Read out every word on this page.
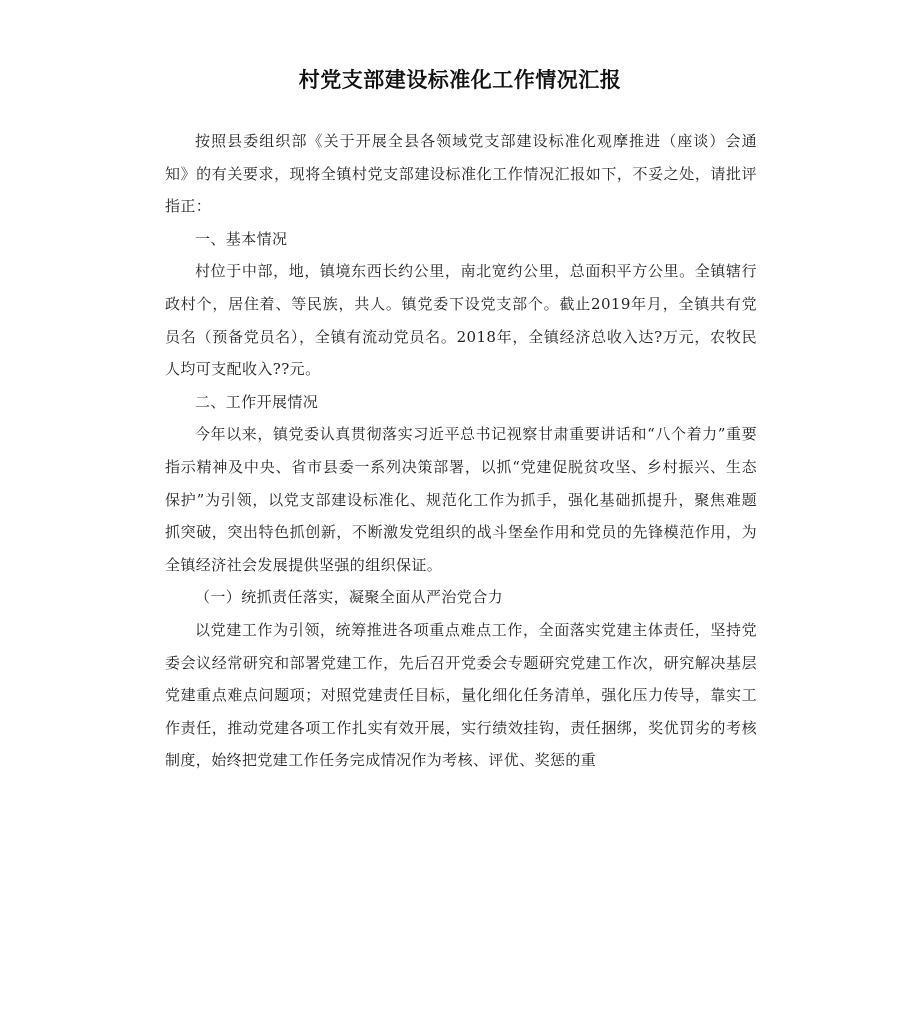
村党支部建设标准化工作情况汇报

按照县委组织部《关于开展全县各领域党支部建设标准化观摩推进（座谈）会通知》的有关要求，现将全镇村党支部建设标准化工作情况汇报如下，不妥之处，请批评指正：

一、基本情况

村位于中部，地，镇境东西长约公里，南北宽约公里，总面积平方公里。全镇辖行政村个，居住着、等民族，共人。镇党委下设党支部个。截止2019年月，全镇共有党员名（预备党员名），全镇有流动党员名。2018年，全镇经济总收入达?万元，农牧民人均可支配收入??元。

二、工作开展情况

今年以来，镇党委认真贯彻落实习近平总书记视察甘肃重要讲话和“八个着力”重要指示精神及中央、省市县委一系列决策部署，以抓“党建促脱贫攻坚、乡村振兴、生态保护”为引领，以党支部建设标准化、规范化工作为抓手，强化基础抓提升，聚焦难题抓突破，突出特色抓创新，不断激发党组织的战斗堡垒作用和党员的先锋模范作用，为全镇经济社会发展提供坚强的组织保证。

（一）统抓责任落实，凝聚全面从严治党合力

以党建工作为引领，统筹推进各项重点难点工作，全面落实党建主体责任，坚持党委会议经常研究和部署党建工作，先后召开党委会专题研究党建工作次，研究解决基层党建重点难点问题项；对照党建责任目标，量化细化任务清单，强化压力传导，靠实工作责任，推动党建各项工作扎实有效开展，实行绩效挂钩，责任捆绑，奖优罚劣的考核制度，始终把党建工作任务完成情况作为考核、评优、奖惩的重
